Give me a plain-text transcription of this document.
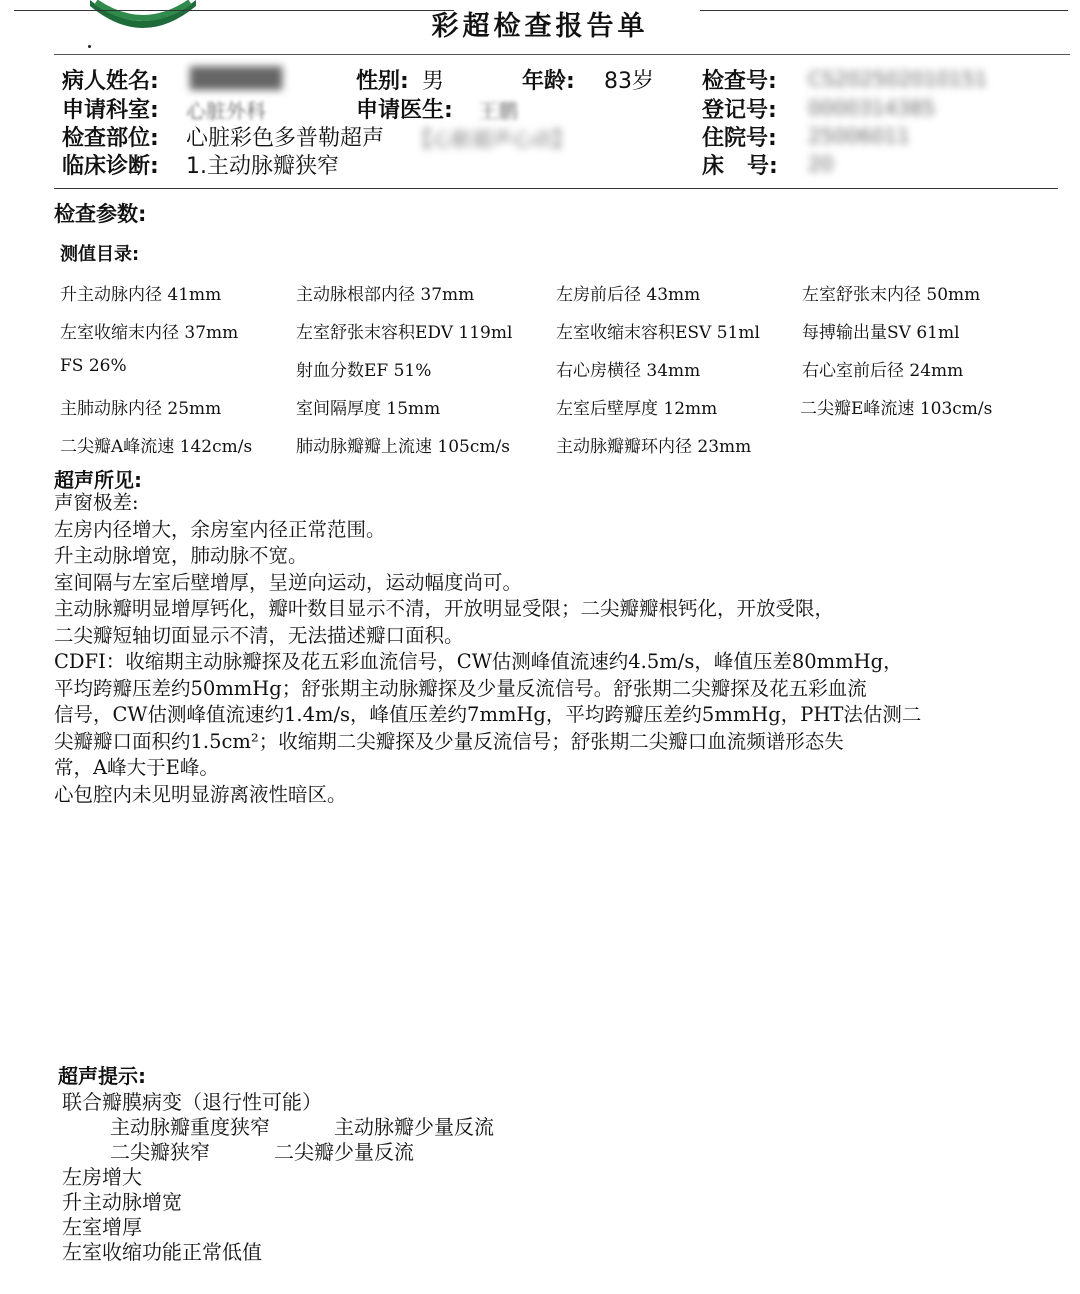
彩超检查报告单
病人姓名: ██████	性别: 男	年龄: 83岁 检查号: CS202502010151
申请科室: 心脏外科	申请医生: 王鹏	登记号: 0000314385
检查部位: 心脏彩色多普勒超声 【心脏超声心动】	住院号: 25006011
临床诊断: 1.主动脉瓣狭窄	床   号: 20
检查参数:
测值目录:
升主动脉内径 41mm	主动脉根部内径 37mm	左房前后径 43mm	左室舒张末内径 50mm
左室收缩末内径 37mm	左室舒张末容积EDV 119ml	左室收缩末容积ESV 51ml 每搏输出量SV 61ml
FS 26%	射血分数EF 51%	右心房横径 34mm	右心室前后径 24mm
主肺动脉内径 25mm	室间隔厚度 15mm	左室后壁厚度 12mm	二尖瓣E峰流速 103cm/s
二尖瓣A峰流速 142cm/s	肺动脉瓣瓣上流速 105cm/s	主动脉瓣瓣环内径 23mm
超声所见:
声窗极差:
左房内径增大，余房室内径正常范围。
升主动脉增宽，肺动脉不宽。
室间隔与左室后壁增厚，呈逆向运动，运动幅度尚可。
主动脉瓣明显增厚钙化，瓣叶数目显示不清，开放明显受限；二尖瓣瓣根钙化，开放受限，
二尖瓣短轴切面显示不清，无法描述瓣口面积。
CDFI：收缩期主动脉瓣探及花五彩血流信号，CW估测峰值流速约4.5m/s，峰值压差80mmHg，
平均跨瓣压差约50mmHg；舒张期主动脉瓣探及少量反流信号。舒张期二尖瓣探及花五彩血流
信号，CW估测峰值流速约1.4m/s，峰值压差约7mmHg，平均跨瓣压差约5mmHg，PHT法估测二
尖瓣瓣口面积约1.5cm²；收缩期二尖瓣探及少量反流信号；舒张期二尖瓣口血流频谱形态失
常，A峰大于E峰。
心包腔内未见明显游离液性暗区。
超声提示:
联合瓣膜病变（退行性可能）
主动脉瓣重度狭窄	主动脉瓣少量反流
二尖瓣狭窄	二尖瓣少量反流
左房增大
升主动脉增宽
左室增厚
左室收缩功能正常低值
